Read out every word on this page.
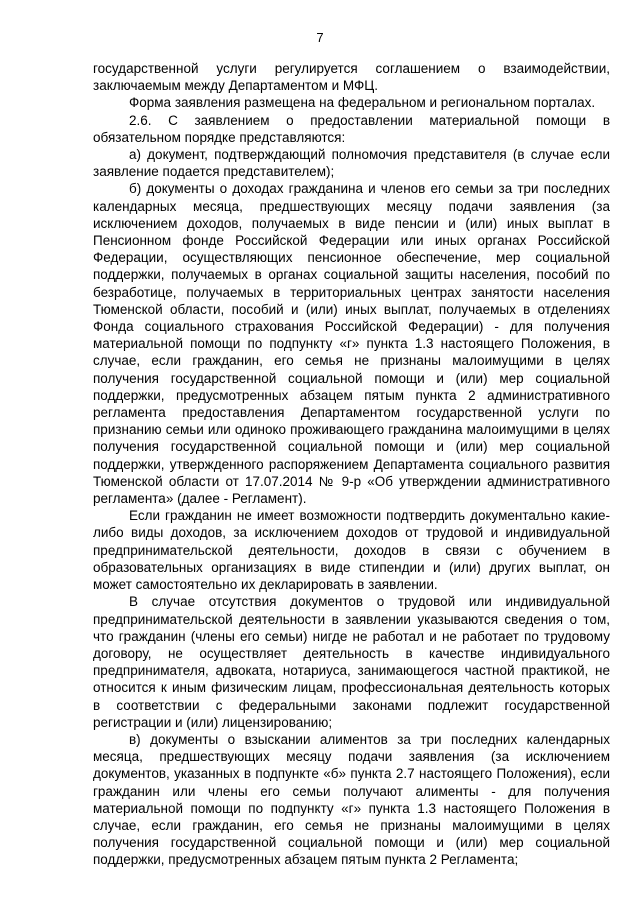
7

государственной услуги регулируется соглашением о взаимодействии, заключаемым между Департаментом и МФЦ.

Форма заявления размещена на федеральном и региональном порталах.

2.6. С заявлением о предоставлении материальной помощи в обязательном порядке представляются:

а) документ, подтверждающий полномочия представителя (в случае если заявление подается представителем);

б) документы о доходах гражданина и членов его семьи за три последних календарных месяца, предшествующих месяцу подачи заявления (за исключением доходов, получаемых в виде пенсии и (или) иных выплат в Пенсионном фонде Российской Федерации или иных органах Российской Федерации, осуществляющих пенсионное обеспечение, мер социальной поддержки, получаемых в органах социальной защиты населения, пособий по безработице, получаемых в территориальных центрах занятости населения Тюменской области, пособий и (или) иных выплат, получаемых в отделениях Фонда социального страхования Российской Федерации) - для получения материальной помощи по подпункту «г» пункта 1.3 настоящего Положения, в случае, если гражданин, его семья не признаны малоимущими в целях получения государственной социальной помощи и (или) мер социальной поддержки, предусмотренных абзацем пятым пункта 2 административного регламента предоставления Департаментом государственной услуги по признанию семьи или одиноко проживающего гражданина малоимущими в целях получения государственной социальной помощи и (или) мер социальной поддержки, утвержденного распоряжением Департамента социального развития Тюменской области от 17.07.2014 № 9-р «Об утверждении административного регламента» (далее - Регламент).

Если гражданин не имеет возможности подтвердить документально какие-либо виды доходов, за исключением доходов от трудовой и индивидуальной предпринимательской деятельности, доходов в связи с обучением в образовательных организациях в виде стипендии и (или) других выплат, он может самостоятельно их декларировать в заявлении.

В случае отсутствия документов о трудовой или индивидуальной предпринимательской деятельности в заявлении указываются сведения о том, что гражданин (члены его семьи) нигде не работал и не работает по трудовому договору, не осуществляет деятельность в качестве индивидуального предпринимателя, адвоката, нотариуса, занимающегося частной практикой, не относится к иным физическим лицам, профессиональная деятельность которых в соответствии с федеральными законами подлежит государственной регистрации и (или) лицензированию;

в) документы о взыскании алиментов за три последних календарных месяца, предшествующих месяцу подачи заявления (за исключением документов, указанных в подпункте «б» пункта 2.7 настоящего Положения), если гражданин или члены его семьи получают алименты - для получения материальной помощи по подпункту «г» пункта 1.3 настоящего Положения в случае, если гражданин, его семья не признаны малоимущими в целях получения государственной социальной помощи и (или) мер социальной поддержки, предусмотренных абзацем пятым пункта 2 Регламента;
